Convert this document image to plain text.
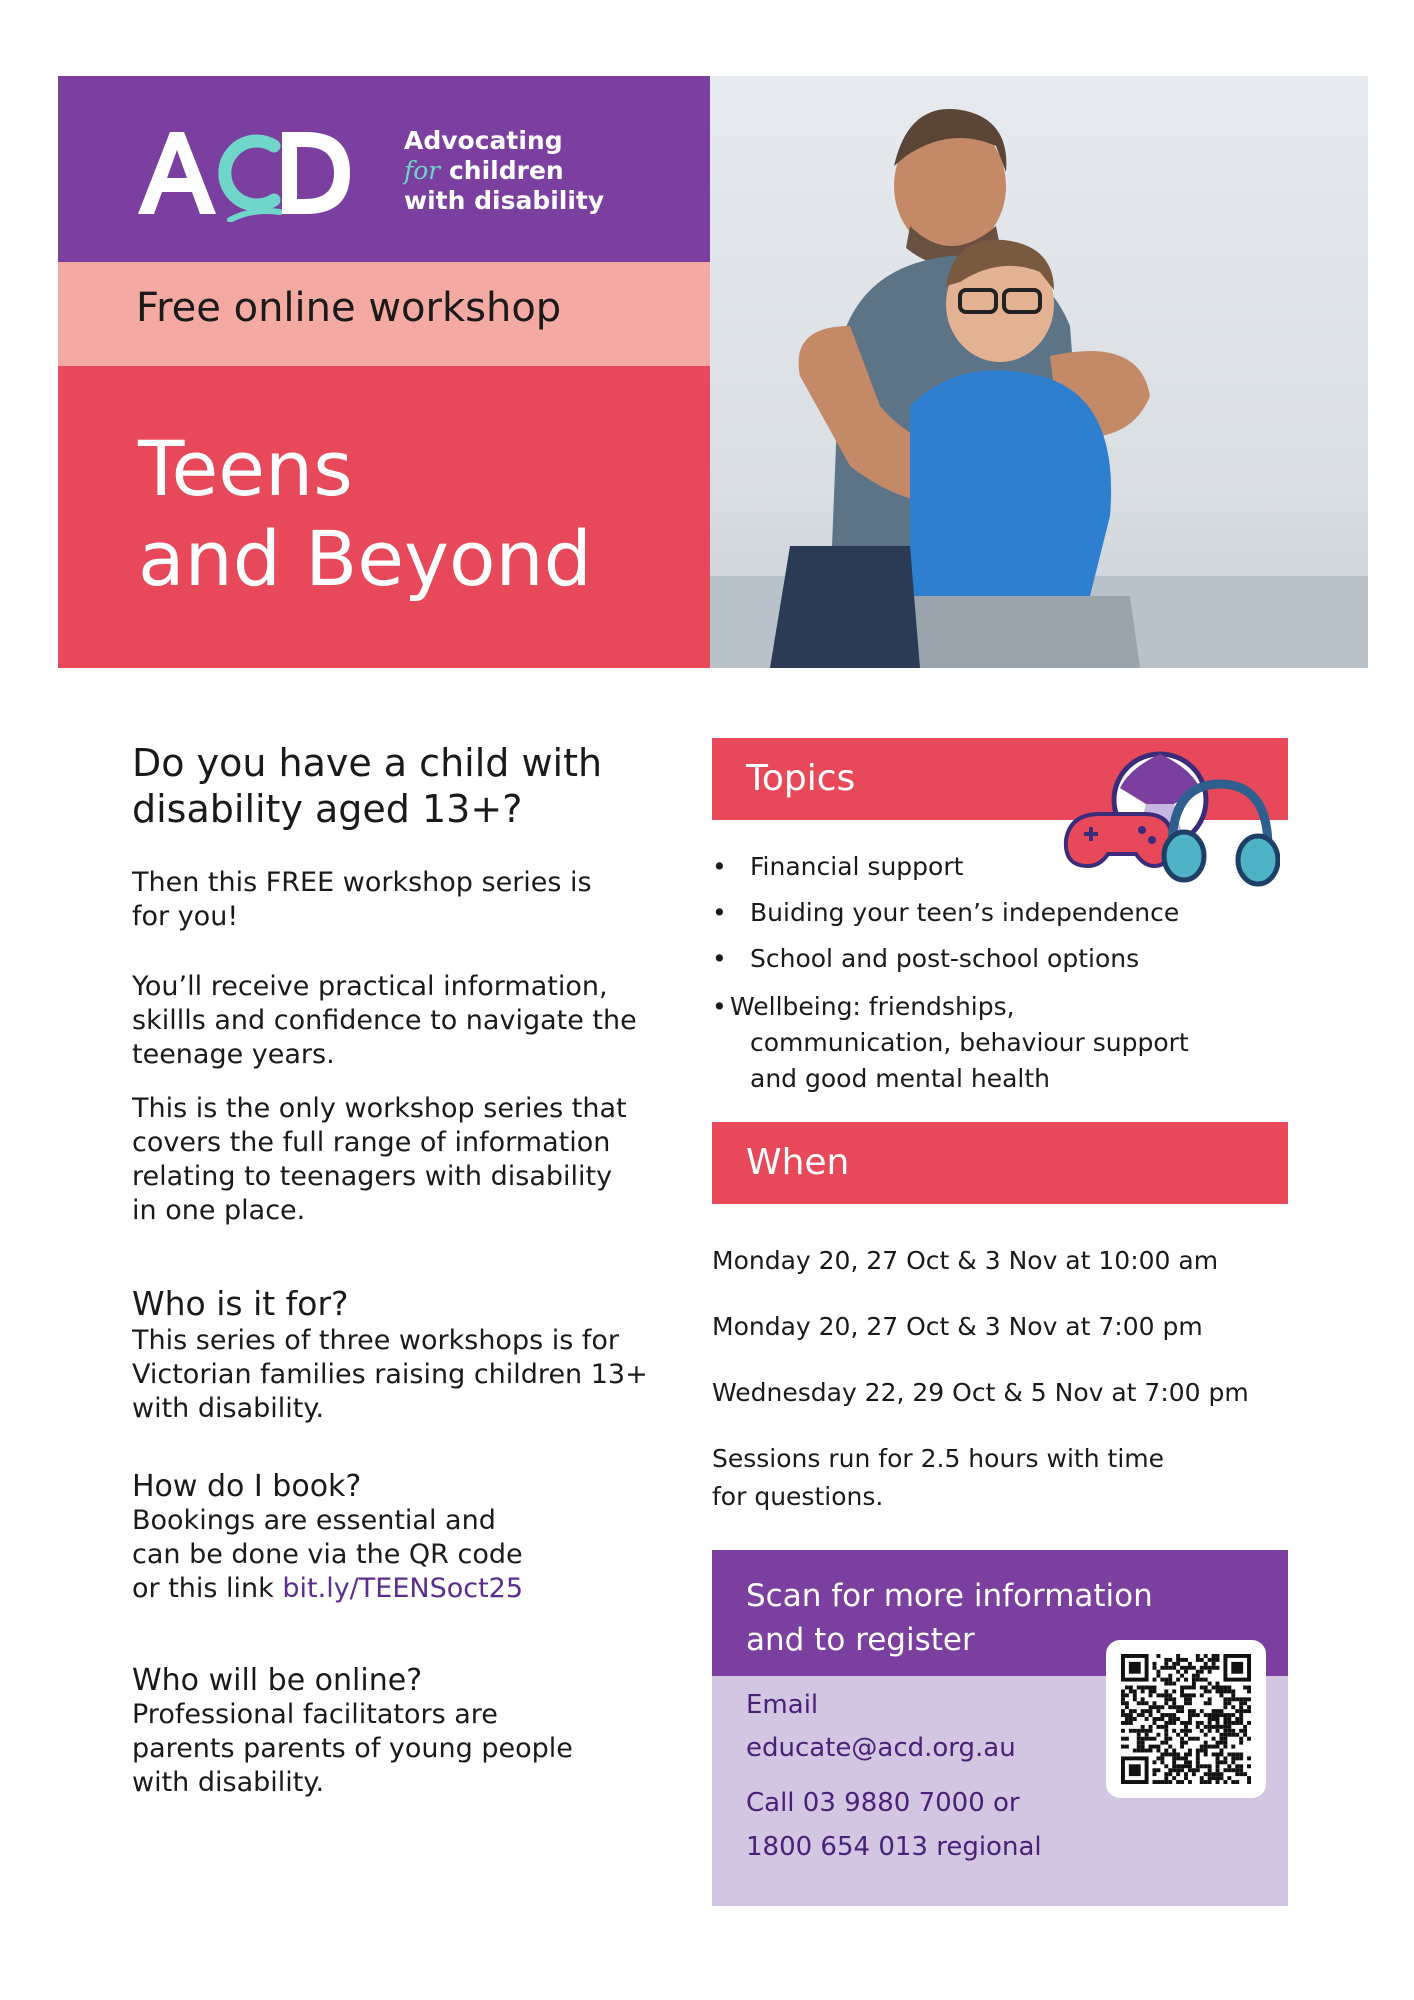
Advocating
for children
with disability
Free online workshop
Teens
and Beyond
Do you have a child with
disability aged 13+?
Then this FREE workshop series is
for you!
You’ll receive practical information,
skillls and confidence to navigate the
teenage years.
This is the only workshop series that
covers the full range of information
relating to teenagers with disability
in one place.
Who is it for?
This series of three workshops is for
Victorian families raising children 13+
with disability.
How do I book?
Bookings are essential and
can be done via the QR code
or this link bit.ly/TEENSoct25
Who will be online?
Professional facilitators are
parents parents of young people
with disability.
Topics
• Financial support
• Buiding your teen’s independence
• School and post-school options
• Wellbeing: friendships,
communication, behaviour support
and good mental health
When
Monday 20, 27 Oct & 3 Nov at 10:00 am
Monday 20, 27 Oct & 3 Nov at 7:00 pm
Wednesday 22, 29 Oct & 5 Nov at 7:00 pm
Sessions run for 2.5 hours with time
for questions.
Scan for more information
and to register
Email
educate@acd.org.au
Call 03 9880 7000 or
1800 654 013 regional
